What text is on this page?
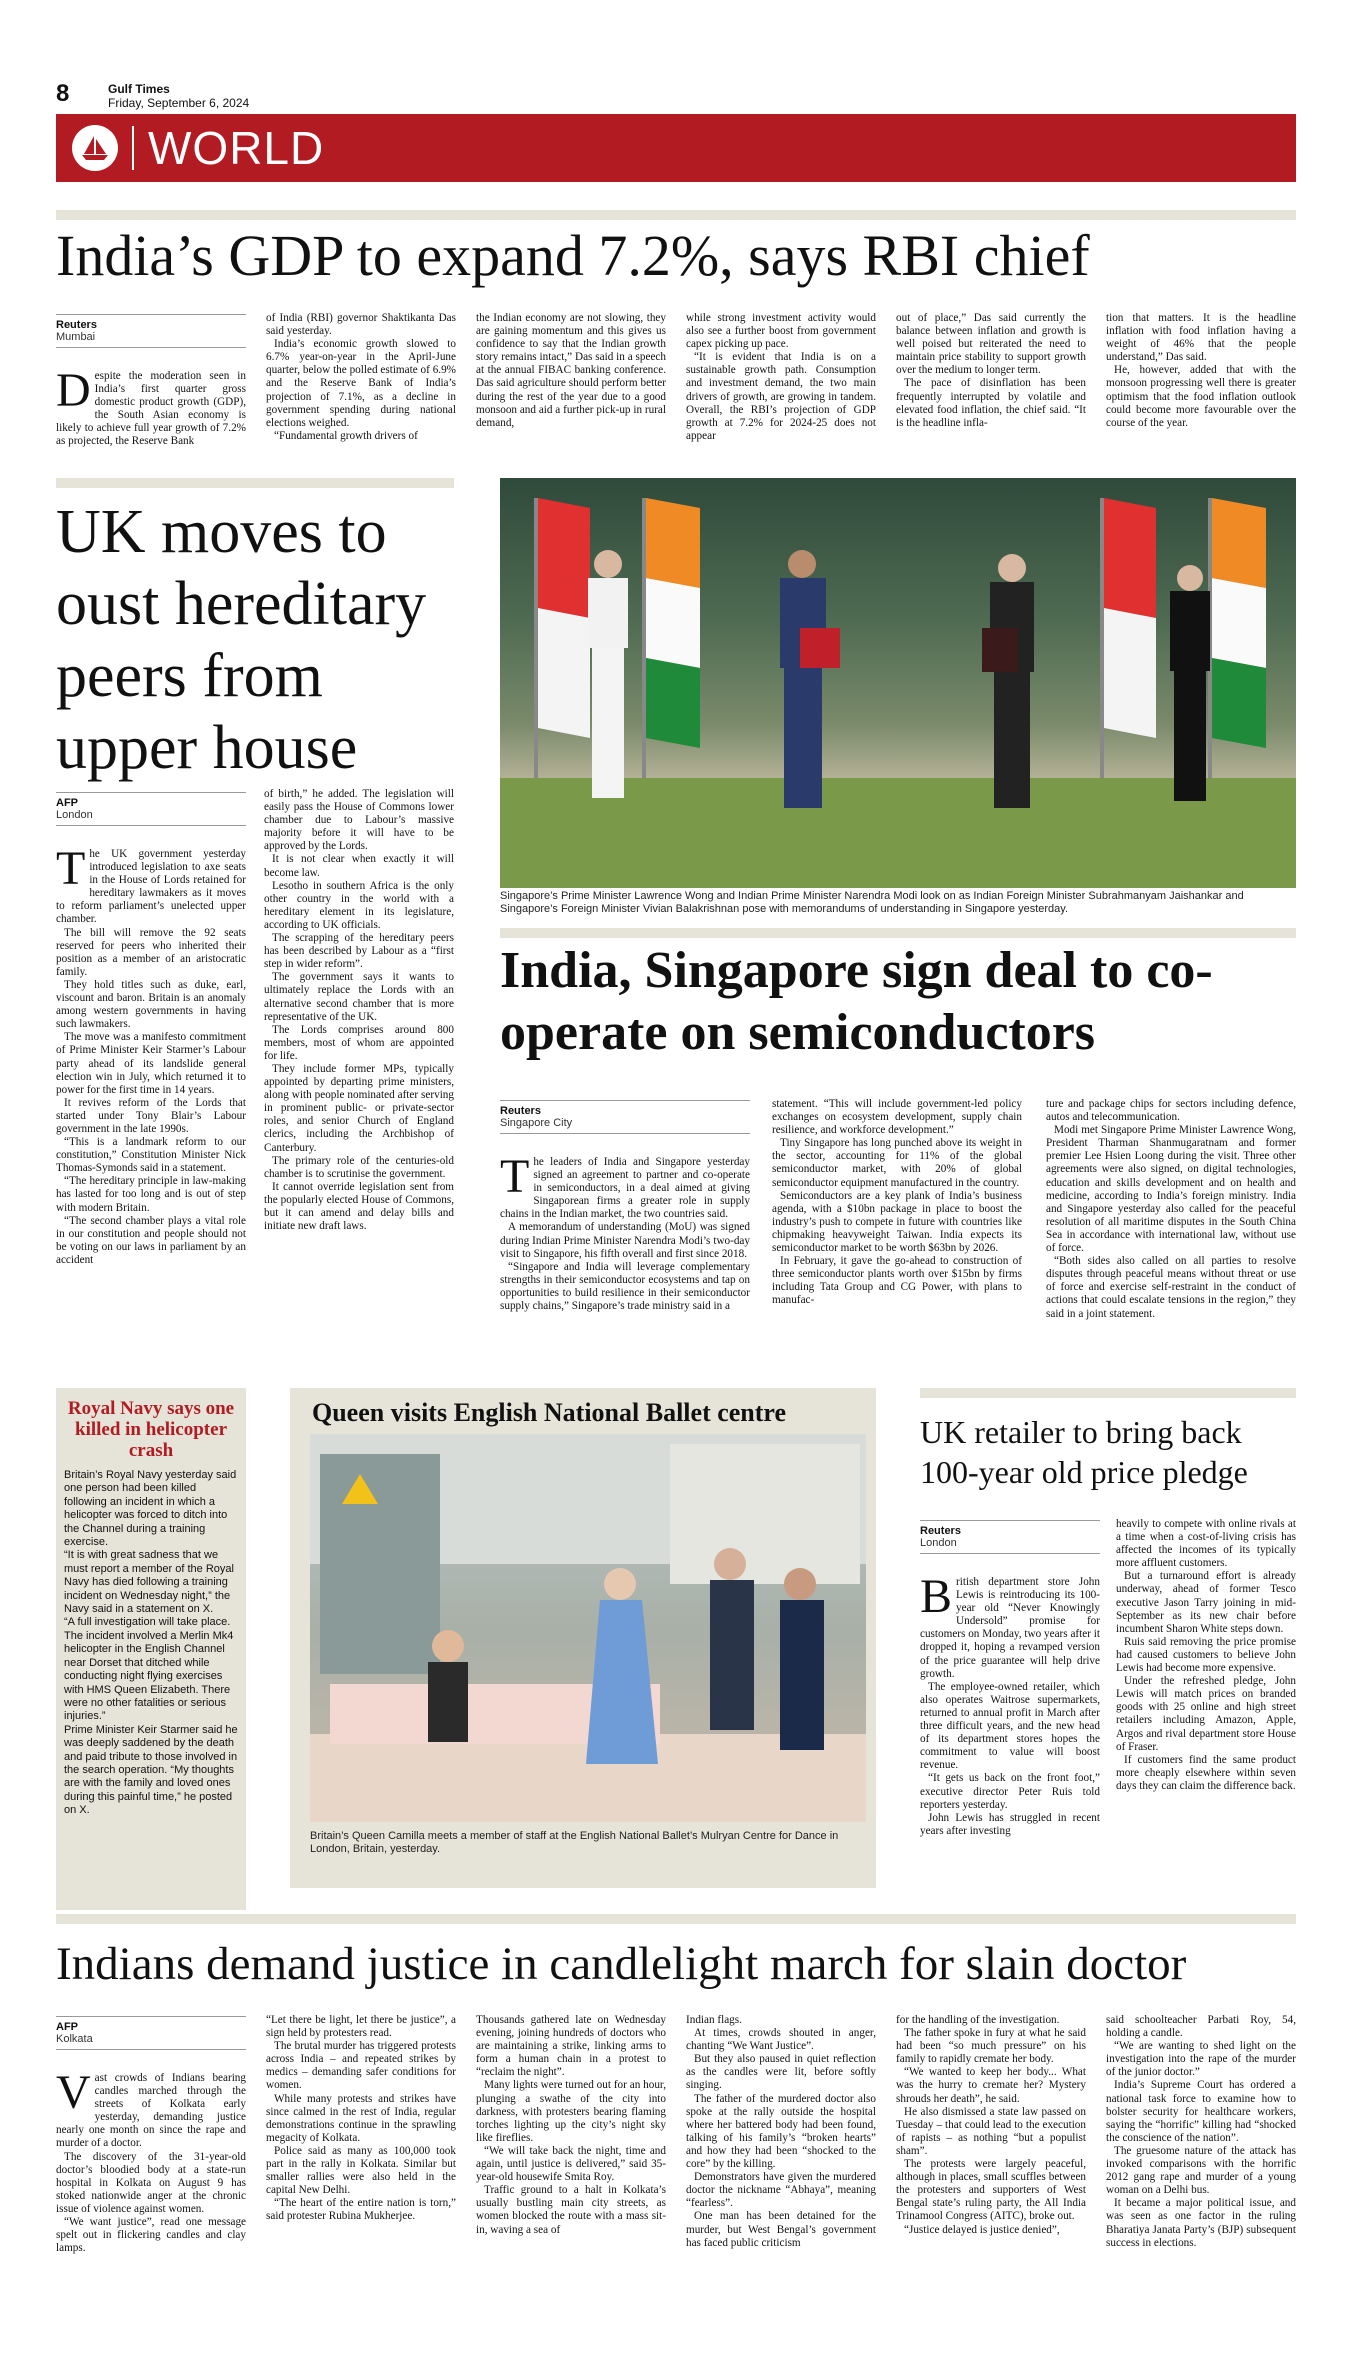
8	Gulf Times
Friday, September 6, 2024
WORLD
India’s GDP to expand 7.2%, says RBI chief
Reuters
Mumbai
Despite the moderation seen in India’s first quarter gross domestic product growth (GDP), the South Asian economy is likely to achieve full year growth of 7.2% as projected, the Reserve Bank

of India (RBI) governor Shaktikanta Das said yesterday.

India’s economic growth slowed to 6.7% year-on-year in the April-June quarter, below the polled estimate of 6.9% and the Reserve Bank of India’s projection of 7.1%, as a decline in government spending during national elections weighed.

“Fundamental growth drivers of

the Indian economy are not slowing, they are gaining momentum and this gives us confidence to say that the Indian growth story remains intact,” Das said in a speech at the annual FIBAC banking conference. Das said agriculture should perform better during the rest of the year due to a good monsoon and aid a further pick-up in rural demand,

while strong investment activity would also see a further boost from government capex picking up pace.

“It is evident that India is on a sustainable growth path. Consumption and investment demand, the two main drivers of growth, are growing in tandem. Overall, the RBI’s projection of GDP growth at 7.2% for 2024-25 does not appear

out of place,” Das said currently the balance between inflation and growth is well poised but reiterated the need to maintain price stability to support growth over the medium to longer term.

The pace of disinflation has been frequently interrupted by volatile and elevated food inflation, the chief said. “It is the headline infla-

tion that matters. It is the headline inflation with food inflation having a weight of 46% that the people understand,” Das said.

He, however, added that with the monsoon progressing well there is greater optimism that the food inflation outlook could become more favourable over the course of the year.

UK moves to oust hereditary peers from upper house
AFP
London
The UK government yesterday introduced legislation to axe seats in the House of Lords retained for hereditary lawmakers as it moves to reform parliament’s unelected upper chamber.

The bill will remove the 92 seats reserved for peers who inherited their position as a member of an aristocratic family.

They hold titles such as duke, earl, viscount and baron. Britain is an anomaly among western governments in having such lawmakers.

The move was a manifesto commitment of Prime Minister Keir Starmer’s Labour party ahead of its landslide general election win in July, which returned it to power for the first time in 14 years.

It revives reform of the Lords that started under Tony Blair’s Labour government in the late 1990s.

“This is a landmark reform to our constitution,” Constitution Minister Nick Thomas-Symonds said in a statement.

“The hereditary principle in law-making has lasted for too long and is out of step with modern Britain.

“The second chamber plays a vital role in our constitution and people should not be voting on our laws in parliament by an accident

of birth,” he added. The legislation will easily pass the House of Commons lower chamber due to Labour’s massive majority before it will have to be approved by the Lords.

It is not clear when exactly it will become law.

Lesotho in southern Africa is the only other country in the world with a hereditary element in its legislature, according to UK officials.

The scrapping of the hereditary peers has been described by Labour as a “first step in wider reform”.

The government says it wants to ultimately replace the Lords with an alternative second chamber that is more representative of the UK.

The Lords comprises around 800 members, most of whom are appointed for life.

They include former MPs, typically appointed by departing prime ministers, along with people nominated after serving in prominent public- or private-sector roles, and senior Church of England clerics, including the Archbishop of Canterbury.

The primary role of the centuries-old chamber is to scrutinise the government.

It cannot override legislation sent from the popularly elected House of Commons, but it can amend and delay bills and initiate new draft laws.

Singapore’s Prime Minister Lawrence Wong and Indian Prime Minister Narendra Modi look on as Indian Foreign Minister Subrahmanyam Jaishankar and Singapore’s Foreign Minister Vivian Balakrishnan pose with memorandums of understanding in Singapore yesterday.
India, Singapore sign deal to co-operate on semiconductors
Reuters
Singapore City
The leaders of India and Singapore yesterday signed an agreement to partner and co-operate in semiconductors, in a deal aimed at giving Singaporean firms a greater role in supply chains in the Indian market, the two countries said.

A memorandum of understanding (MoU) was signed during Indian Prime Minister Narendra Modi’s two-day visit to Singapore, his fifth overall and first since 2018.

“Singapore and India will leverage complementary strengths in their semiconductor ecosystems and tap on opportunities to build resilience in their semiconductor supply chains,” Singapore’s trade ministry said in a

statement. “This will include government-led policy exchanges on ecosystem development, supply chain resilience, and workforce development.”

Tiny Singapore has long punched above its weight in the sector, accounting for 11% of the global semiconductor market, with 20% of global semiconductor equipment manufactured in the country.

Semiconductors are a key plank of India’s business agenda, with a $10bn package in place to boost the industry’s push to compete in future with countries like chipmaking heavyweight Taiwan. India expects its semiconductor market to be worth $63bn by 2026.

In February, it gave the go-ahead to construction of three semiconductor plants worth over $15bn by firms including Tata Group and CG Power, with plans to manufac-

ture and package chips for sectors including defence, autos and telecommunication.

Modi met Singapore Prime Minister Lawrence Wong, President Tharman Shanmugaratnam and former premier Lee Hsien Loong during the visit. Three other agreements were also signed, on digital technologies, education and skills development and on health and medicine, according to India’s foreign ministry. India and Singapore yesterday also called for the peaceful resolution of all maritime disputes in the South China Sea in accordance with international law, without use of force.

“Both sides also called on all parties to resolve disputes through peaceful means without threat or use of force and exercise self-restraint in the conduct of actions that could escalate tensions in the region,” they said in a joint statement.

Royal Navy says one killed in helicopter crash

Britain’s Royal Navy yesterday said one person had been killed following an incident in which a helicopter was forced to ditch into the Channel during a training exercise.

“It is with great sadness that we must report a member of the Royal Navy has died following a training incident on Wednesday night,” the Navy said in a statement on X.

“A full investigation will take place. The incident involved a Merlin Mk4 helicopter in the English Channel near Dorset that ditched while conducting night flying exercises with HMS Queen Elizabeth. There were no other fatalities or serious injuries.”

Prime Minister Keir Starmer said he was deeply saddened by the death and paid tribute to those involved in the search operation. “My thoughts are with the family and loved ones during this painful time,” he posted on X.

Queen visits English National Ballet centre
Britain’s Queen Camilla meets a member of staff at the English National Ballet’s Mulryan Centre for Dance in London, Britain, yesterday.
UK retailer to bring back 100-year old price pledge
Reuters
London
British department store John Lewis is reintroducing its 100-year old “Never Knowingly Undersold” promise for customers on Monday, two years after it dropped it, hoping a revamped version of the price guarantee will help drive growth.

The employee-owned retailer, which also operates Waitrose supermarkets, returned to annual profit in March after three difficult years, and the new head of its department stores hopes the commitment to value will boost revenue.

“It gets us back on the front foot,” executive director Peter Ruis told reporters yesterday.

John Lewis has struggled in recent years after investing

heavily to compete with online rivals at a time when a cost-of-living crisis has affected the incomes of its typically more affluent customers.

But a turnaround effort is already underway, ahead of former Tesco executive Jason Tarry joining in mid-September as its new chair before incumbent Sharon White steps down.

Ruis said removing the price promise had caused customers to believe John Lewis had become more expensive.

Under the refreshed pledge, John Lewis will match prices on branded goods with 25 online and high street retailers including Amazon, Apple, Argos and rival department store House of Fraser.

If customers find the same product more cheaply elsewhere within seven days they can claim the difference back.

Indians demand justice in candlelight march for slain doctor
AFP
Kolkata
Vast crowds of Indians bearing candles marched through the streets of Kolkata early yesterday, demanding justice nearly one month on since the rape and murder of a doctor.

The discovery of the 31-year-old doctor’s bloodied body at a state-run hospital in Kolkata on August 9 has stoked nationwide anger at the chronic issue of violence against women.

“We want justice”, read one message spelt out in flickering candles and clay lamps.

“Let there be light, let there be justice”, a sign held by protesters read.

The brutal murder has triggered protests across India – and repeated strikes by medics – demanding safer conditions for women.

While many protests and strikes have since calmed in the rest of India, regular demonstrations continue in the sprawling megacity of Kolkata.

Police said as many as 100,000 took part in the rally in Kolkata. Similar but smaller rallies were also held in the capital New Delhi.

“The heart of the entire nation is torn,” said protester Rubina Mukherjee.

Thousands gathered late on Wednesday evening, joining hundreds of doctors who are maintaining a strike, linking arms to form a human chain in a protest to “reclaim the night”.

Many lights were turned out for an hour, plunging a swathe of the city into darkness, with protesters bearing flaming torches lighting up the city’s night sky like fireflies.

“We will take back the night, time and again, until justice is delivered,” said 35-year-old housewife Smita Roy.

Traffic ground to a halt in Kolkata’s usually bustling main city streets, as women blocked the route with a mass sit-in, waving a sea of

Indian flags.

At times, crowds shouted in anger, chanting “We Want Justice”.

But they also paused in quiet reflection as the candles were lit, before softly singing.

The father of the murdered doctor also spoke at the rally outside the hospital where her battered body had been found, talking of his family’s “broken hearts” and how they had been “shocked to the core” by the killing.

Demonstrators have given the murdered doctor the nickname “Abhaya”, meaning “fearless”.

One man has been detained for the murder, but West Bengal’s government has faced public criticism

for the handling of the investigation.

The father spoke in fury at what he said had been “so much pressure” on his family to rapidly cremate her body.

“We wanted to keep her body... What was the hurry to cremate her? Mystery shrouds her death”, he said.

He also dismissed a state law passed on Tuesday – that could lead to the execution of rapists – as nothing “but a populist sham”.

The protests were largely peaceful, although in places, small scuffles between the protesters and supporters of West Bengal state’s ruling party, the All India Trinamool Congress (AITC), broke out.

“Justice delayed is justice denied”,

said schoolteacher Parbati Roy, 54, holding a candle.

“We are wanting to shed light on the investigation into the rape of the murder of the junior doctor.”

India’s Supreme Court has ordered a national task force to examine how to bolster security for healthcare workers, saying the “horrific” killing had “shocked the conscience of the nation”.

The gruesome nature of the attack has invoked comparisons with the horrific 2012 gang rape and murder of a young woman on a Delhi bus.

It became a major political issue, and was seen as one factor in the ruling Bharatiya Janata Party’s (BJP) subsequent success in elections.
